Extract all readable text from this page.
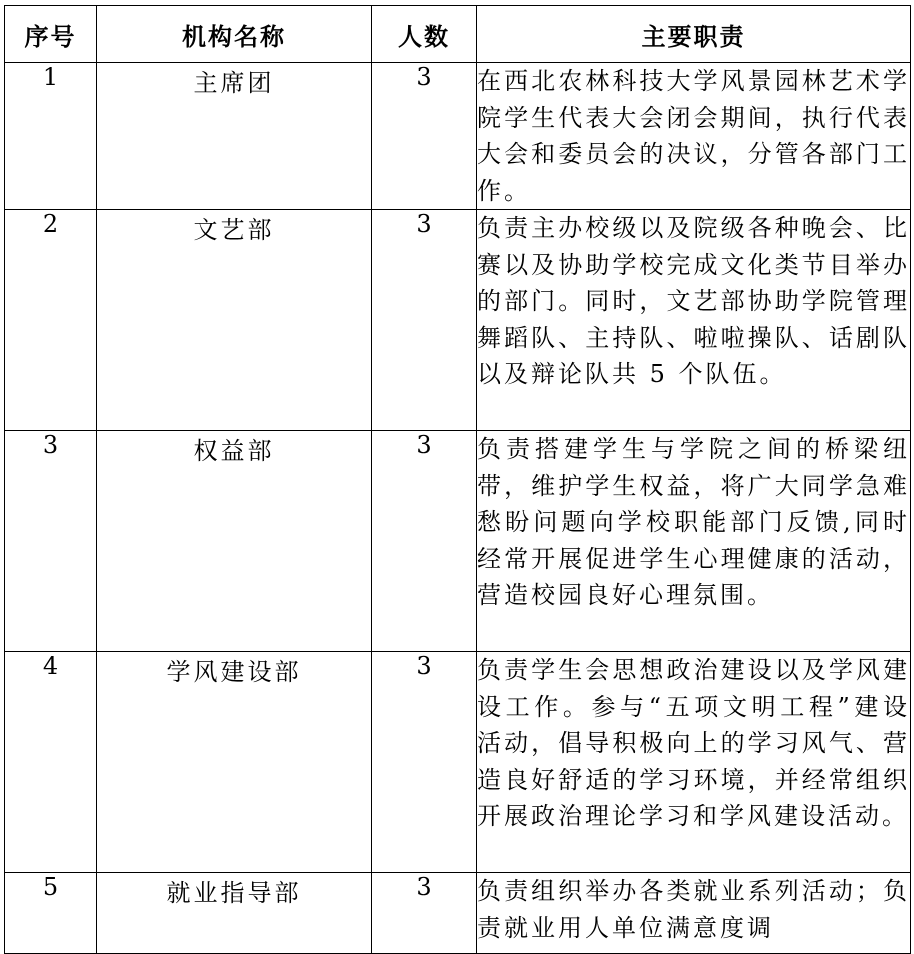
序号	机构名称	人数	主要职责
1	主席团	3	在西北农林科技大学风景园林艺术学院学生代表大会闭会期间，执行代表大会和委员会的决议，分管各部门工作。

2	文艺部	3	负责主办校级以及院级各种晚会、比赛以及协助学校完成文化类节目举办的部门。同时，文艺部协助学院管理舞蹈队、主持队、啦啦操队、话剧队以及辩论队共 5 个队伍。

3	权益部	3	负责搭建学生与学院之间的桥梁纽带，维护学生权益，将广大同学急难愁盼问题向学校职能部门反馈,同时经常开展促进学生心理健康的活动，营造校园良好心理氛围。

4	学风建设部	3	负责学生会思想政治建设以及学风建设工作。参与“五项文明工程”建设活动，倡导积极向上的学习风气、营造良好舒适的学习环境，并经常组织开展政治理论学习和学风建设活动。

5	就业指导部	3	负责组织举办各类就业系列活动；负责就业用人单位满意度调
